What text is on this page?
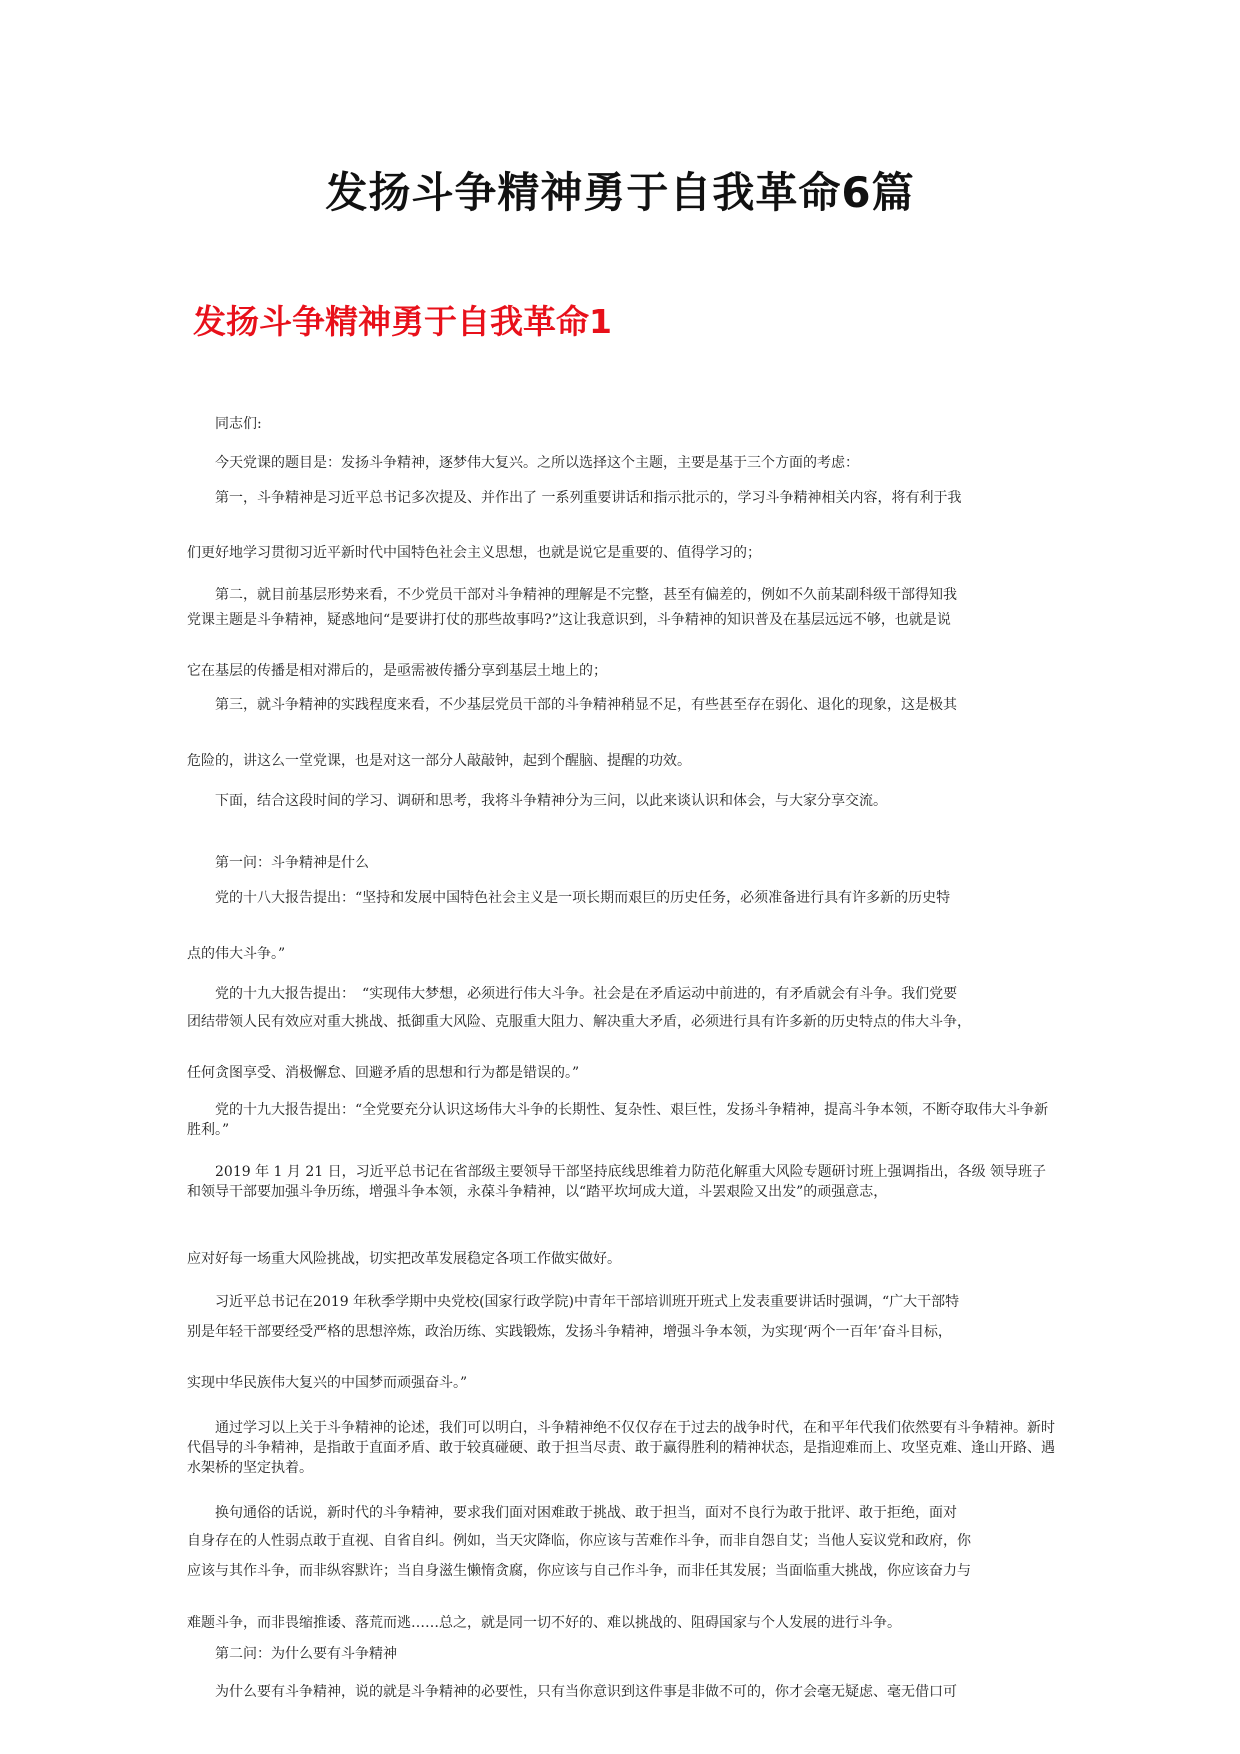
发扬斗争精神勇于自我革命6篇
发扬斗争精神勇于自我革命1

同志们:

今天党课的题目是：发扬斗争精神，逐梦伟大复兴。之所以选择这个主题，主要是基于三个方面的考虑：

第一，斗争精神是习近平总书记多次提及、并作出了 一系列重要讲话和指示批示的，学习斗争精神相关内容，将有利于我

们更好地学习贯彻习近平新时代中国特色社会主义思想，也就是说它是重要的、值得学习的；

第二，就目前基层形势来看，不少党员干部对斗争精神的理解是不完整，甚至有偏差的，例如不久前某副科级干部得知我

党课主题是斗争精神，疑惑地问“是要讲打仗的那些故事吗?”这让我意识到，斗争精神的知识普及在基层远远不够，也就是说

它在基层的传播是相对滞后的，是亟需被传播分享到基层土地上的；

第三，就斗争精神的实践程度来看，不少基层党员干部的斗争精神稍显不足，有些甚至存在弱化、退化的现象，这是极其

危险的，讲这么一堂党课，也是对这一部分人敲敲钟，起到个醒脑、提醒的功效。

下面，结合这段时间的学习、调研和思考，我将斗争精神分为三问，以此来谈认识和体会，与大家分享交流。

第一问：斗争精神是什么

党的十八大报告提出：“坚持和发展中国特色社会主义是一项长期而艰巨的历史任务，必须准备进行具有许多新的历史特

点的伟大斗争。”

党的十九大报告提出：　“实现伟大梦想，必须进行伟大斗争。社会是在矛盾运动中前进的，有矛盾就会有斗争。我们党要

团结带领人民有效应对重大挑战、抵御重大风险、克服重大阻力、解决重大矛盾，必须进行具有许多新的历史特点的伟大斗争，

任何贪图享受、消极懈怠、回避矛盾的思想和行为都是错误的。”

党的十九大报告提出：“全党要充分认识这场伟大斗争的长期性、复杂性、艰巨性，发扬斗争精神，提高斗争本领，不断夺取伟大斗争新胜利。”

2019 年 1 月 21 日，习近平总书记在省部级主要领导干部坚持底线思维着力防范化解重大风险专题研讨班上强调指出，各级 领导班子和领导干部要加强斗争历练，增强斗争本领，永葆斗争精神，以“踏平坎坷成大道，斗罢艰险又出发”的顽强意志，

应对好每一场重大风险挑战，切实把改革发展稳定各项工作做实做好。

习近平总书记在2019 年秋季学期中央党校(国家行政学院)中青年干部培训班开班式上发表重要讲话时强调，“广大干部特

别是年轻干部要经受严格的思想淬炼，政治历练、实践锻炼，发扬斗争精神，增强斗争本领，为实现‘两个一百年’奋斗目标，

实现中华民族伟大复兴的中国梦而顽强奋斗。”

通过学习以上关于斗争精神的论述，我们可以明白，斗争精神绝不仅仅存在于过去的战争时代，在和平年代我们依然要有斗争精神。新时代倡导的斗争精神，是指敢于直面矛盾、敢于较真碰硬、敢于担当尽责、敢于赢得胜利的精神状态，是指迎难而上、攻坚克难、逢山开路、遇水架桥的坚定执着。

换句通俗的话说，新时代的斗争精神，要求我们面对困难敢于挑战、敢于担当，面对不良行为敢于批评、敢于拒绝，面对

自身存在的人性弱点敢于直视、自省自纠。例如，当天灾降临，你应该与苦难作斗争，而非自怨自艾；当他人妄议党和政府，你

应该与其作斗争，而非纵容默许；当自身滋生懒惰贪腐，你应该与自己作斗争，而非任其发展；当面临重大挑战，你应该奋力与

难题斗争，而非畏缩推诿、落荒而逃……总之，就是同一切不好的、难以挑战的、阻碍国家与个人发展的进行斗争。

第二问：为什么要有斗争精神

为什么要有斗争精神，说的就是斗争精神的必要性，只有当你意识到这件事是非做不可的，你才会毫无疑虑、毫无借口可
